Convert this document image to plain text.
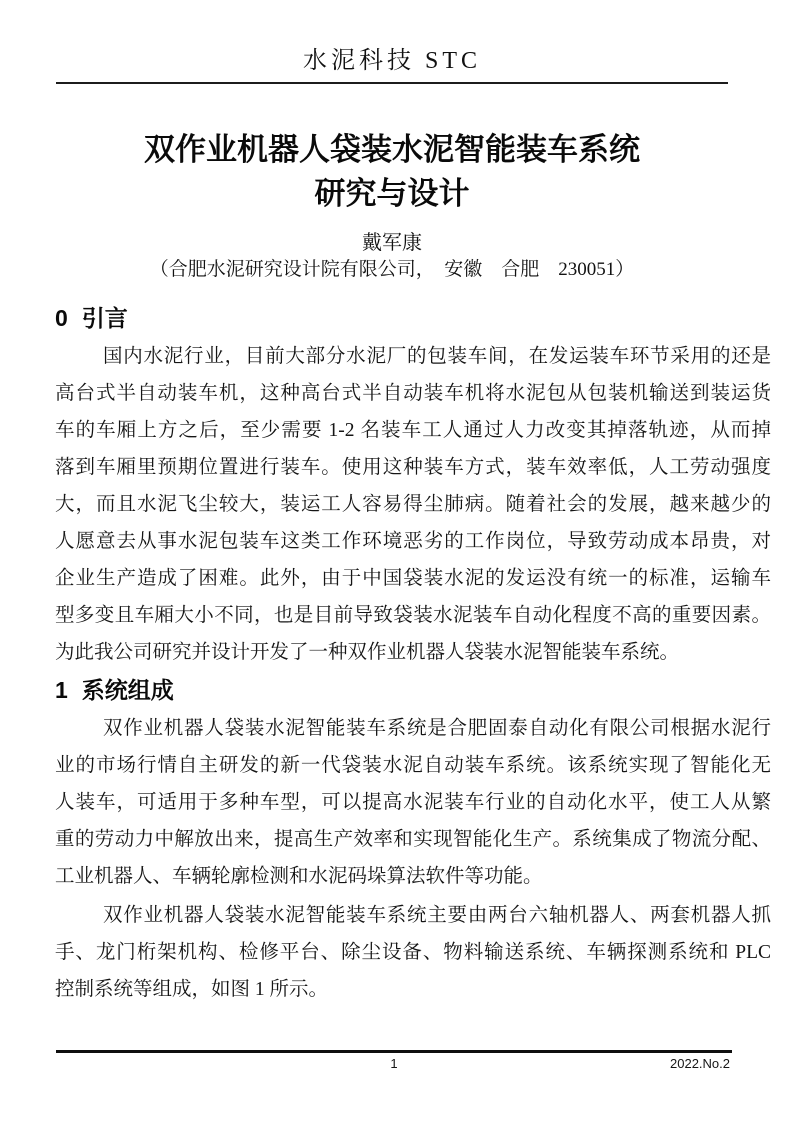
水泥科技 STC
双作业机器人袋装水泥智能装车系统
研究与设计
戴军康
（合肥水泥研究设计院有限公司，　安徽　合肥　230051）
0 引言
国内水泥行业，目前大部分水泥厂的包装车间，在发运装车环节采用的还是
高台式半自动装车机，这种高台式半自动装车机将水泥包从包装机输送到装运货
车的车厢上方之后，至少需要 1-2 名装车工人通过人力改变其掉落轨迹，从而掉
落到车厢里预期位置进行装车。使用这种装车方式，装车效率低，人工劳动强度
大，而且水泥飞尘较大，装运工人容易得尘肺病。随着社会的发展，越来越少的
人愿意去从事水泥包装车这类工作环境恶劣的工作岗位，导致劳动成本昂贵，对
企业生产造成了困难。此外，由于中国袋装水泥的发运没有统一的标准，运输车
型多变且车厢大小不同，也是目前导致袋装水泥装车自动化程度不高的重要因素。
为此我公司研究并设计开发了一种双作业机器人袋装水泥智能装车系统。
1 系统组成
双作业机器人袋装水泥智能装车系统是合肥固泰自动化有限公司根据水泥行
业的市场行情自主研发的新一代袋装水泥自动装车系统。该系统实现了智能化无
人装车，可适用于多种车型，可以提高水泥装车行业的自动化水平，使工人从繁
重的劳动力中解放出来，提高生产效率和实现智能化生产。系统集成了物流分配、
工业机器人、车辆轮廓检测和水泥码垛算法软件等功能。
双作业机器人袋装水泥智能装车系统主要由两台六轴机器人、两套机器人抓
手、龙门桁架机构、检修平台、除尘设备、物料输送系统、车辆探测系统和 PLC
控制系统等组成，如图 1 所示。
1	2022.No.2
